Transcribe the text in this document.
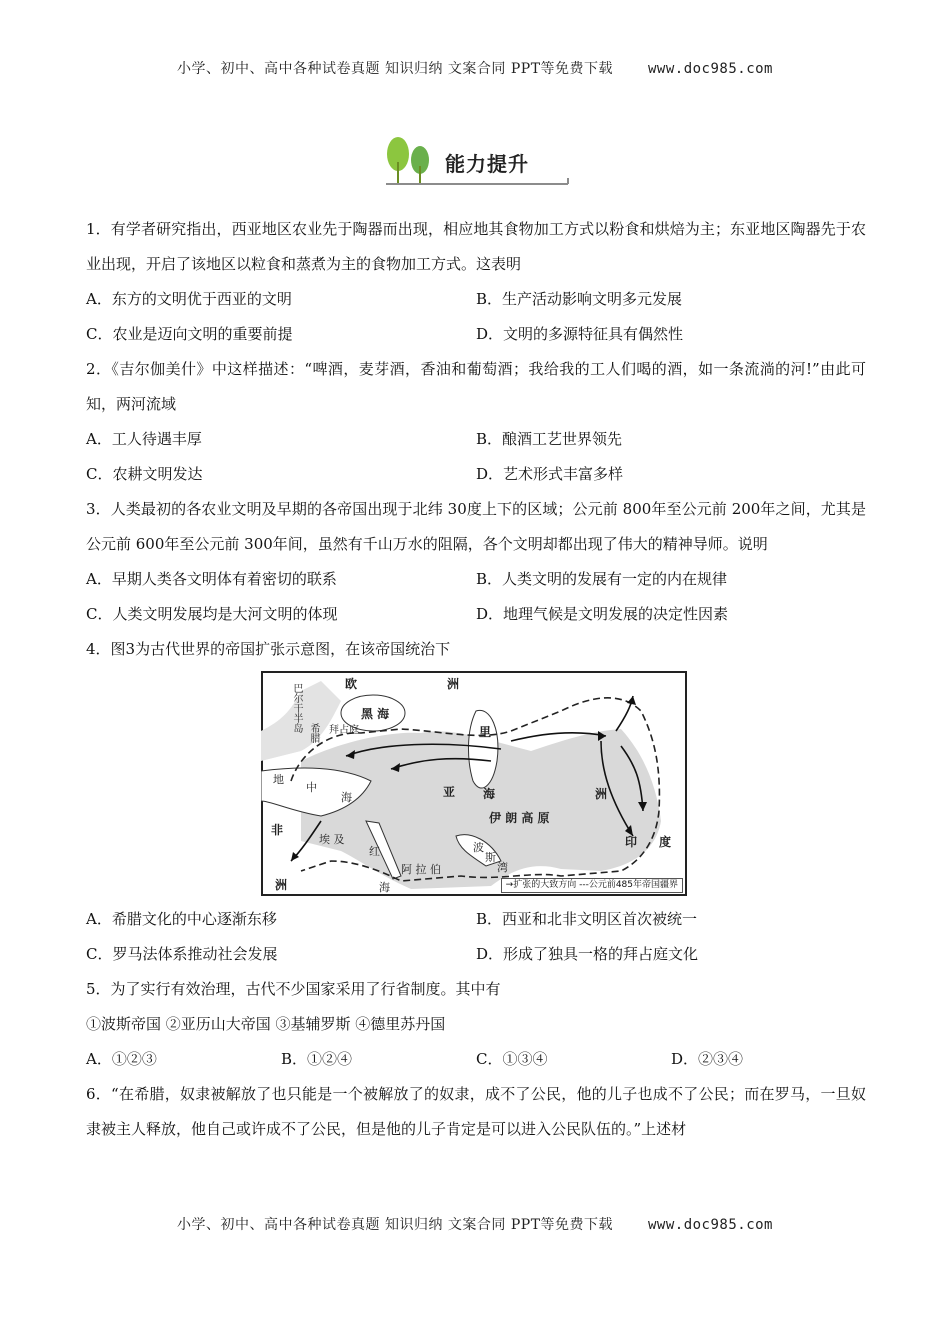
小学、初中、高中各种试卷真题 知识归纳 文案合同 PPT等免费下载 www.doc985.com
能力提升
1．有学者研究指出，西亚地区农业先于陶器而出现，相应地其食物加工方式以粉食和烘焙为主；东亚地区陶器先于农业出现，开启了该地区以粒食和蒸煮为主的食物加工方式。这表明
A．东方的文明优于西亚的文明	B．生产活动影响文明多元发展
C．农业是迈向文明的重要前提	D．文明的多源特征具有偶然性
2．《吉尔伽美什》中这样描述：“啤酒，麦芽酒，香油和葡萄酒；我给我的工人们喝的酒，如一条流淌的河!”由此可知，两河流域
A．工人待遇丰厚	B．酿酒工艺世界领先
C．农耕文明发达	D．艺术形式丰富多样
3．人类最初的各农业文明及早期的各帝国出现于北纬 30度上下的区域；公元前 800年至公元前 200年之间，尤其是公元前 600年至公元前 300年间，虽然有千山万水的阻隔，各个文明却都出现了伟大的精神导师。说明
A．早期人类各文明体有着密切的联系	B．人类文明的发展有一定的内在规律
C．人类文明发展均是大河文明的体现	D．地理气候是文明发展的决定性因素
4．图3为古代世界的帝国扩张示意图，在该帝国统治下
欧	洲
巴尔干半岛 希腊 拜占庭
黑 海
里
海
地
中
海	亚	洲
伊 朗 高 原
非
洲
埃 及
红
海
阿 拉 伯
波
斯
湾
印 度
→扩张的大致方向 ---公元前485年帝国疆界
A．希腊文化的中心逐渐东移	B．西亚和北非文明区首次被统一
C．罗马法体系推动社会发展	D．形成了独具一格的拜占庭文化
5．为了实行有效治理，古代不少国家采用了行省制度。其中有
①波斯帝国 ②亚历山大帝国 ③基辅罗斯 ④德里苏丹国
A．①②③	B．①②④	C．①③④	D．②③④
6．“在希腊，奴隶被解放了也只能是一个被解放了的奴隶，成不了公民，他的儿子也成不了公民；而在罗马，一旦奴隶被主人释放，他自己或许成不了公民，但是他的儿子肯定是可以进入公民队伍的。”上述材
小学、初中、高中各种试卷真题 知识归纳 文案合同 PPT等免费下载 www.doc985.com
